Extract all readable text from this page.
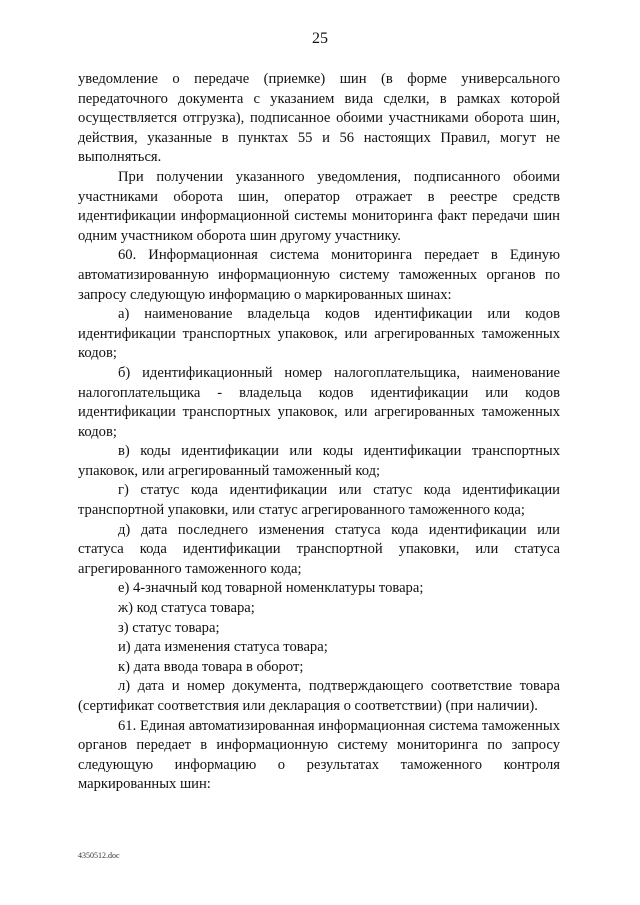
25

уведомление о передаче (приемке) шин (в форме универсального передаточного документа с указанием вида сделки, в рамках которой осуществляется отгрузка), подписанное обоими участниками оборота шин, действия, указанные в пунктах 55 и 56 настоящих Правил, могут не выполняться.

При получении указанного уведомления, подписанного обоими участниками оборота шин, оператор отражает в реестре средств идентификации информационной системы мониторинга факт передачи шин одним участником оборота шин другому участнику.

60. Информационная система мониторинга передает в Единую автоматизированную информационную систему таможенных органов по запросу следующую информацию о маркированных шинах:

а) наименование владельца кодов идентификации или кодов идентификации транспортных упаковок, или агрегированных таможенных кодов;

б) идентификационный номер налогоплательщика, наименование налогоплательщика - владельца кодов идентификации или кодов идентификации транспортных упаковок, или агрегированных таможенных кодов;

в) коды идентификации или коды идентификации транспортных упаковок, или агрегированный таможенный код;

г) статус кода идентификации или статус кода идентификации транспортной упаковки, или статус агрегированного таможенного кода;

д) дата последнего изменения статуса кода идентификации или статуса кода идентификации транспортной упаковки, или статуса агрегированного таможенного кода;

е) 4-значный код товарной номенклатуры товара;

ж) код статуса товара;

з) статус товара;

и) дата изменения статуса товара;

к) дата ввода товара в оборот;

л) дата и номер документа, подтверждающего соответствие товара (сертификат соответствия или декларация о соответствии) (при наличии).

61. Единая автоматизированная информационная система таможенных органов передает в информационную систему мониторинга по запросу следующую информацию о результатах таможенного контроля маркированных шин:

4350512.doc
